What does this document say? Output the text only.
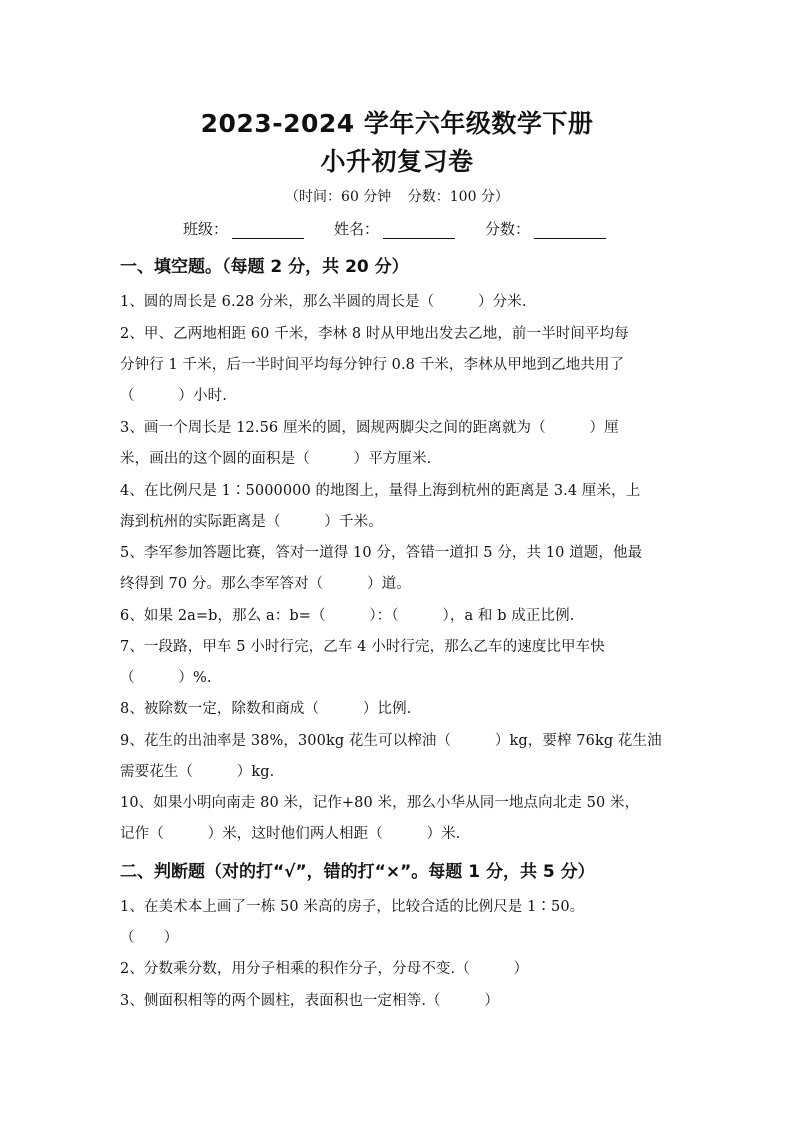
2023-2024 学年六年级数学下册
小升初复习卷
（时间：60 分钟 分数：100 分）
班级：	姓名：	分数：
一、填空题。（每题 2 分，共 20 分）
1、圆的周长是 6.28 分米，那么半圆的周长是（　　　）分米.
2、甲、乙两地相距 60 千米，李林 8 时从甲地出发去乙地，前一半时间平均每
分钟行 1 千米，后一半时间平均每分钟行 0.8 千米，李林从甲地到乙地共用了
（　　　）小时.
3、画一个周长是 12.56 厘米的圆，圆规两脚尖之间的距离就为（　　　）厘
米，画出的这个圆的面积是（　　　）平方厘米.
4、在比例尺是 1∶5000000 的地图上，量得上海到杭州的距离是 3.4 厘米，上
海到杭州的实际距离是（　　　）千米。
5、李军参加答题比赛，答对一道得 10 分，答错一道扣 5 分，共 10 道题，他最
终得到 70 分。那么李军答对（　　　）道。
6、如果 2a=b，那么 a：b=（　　　）：（　　　），a 和 b 成正比例.
7、一段路，甲车 5 小时行完，乙车 4 小时行完，那么乙车的速度比甲车快
（　　　）%.
8、被除数一定，除数和商成（　　　）比例.
9、花生的出油率是 38%，300kg 花生可以榨油（　　　）kg，要榨 76kg 花生油
需要花生（　　　）kg.
10、如果小明向南走 80 米，记作+80 米，那么小华从同一地点向北走 50 米，
记作（　　　）米，这时他们两人相距（　　　）米.
二、判断题（对的打“√”，错的打“×”。每题 1 分，共 5 分）
1、在美术本上画了一栋 50 米高的房子，比较合适的比例尺是 1∶50。
（　　）
2、分数乘分数，用分子相乘的积作分子，分母不变.（　　　）
3、侧面积相等的两个圆柱，表面积也一定相等.（　　　）
